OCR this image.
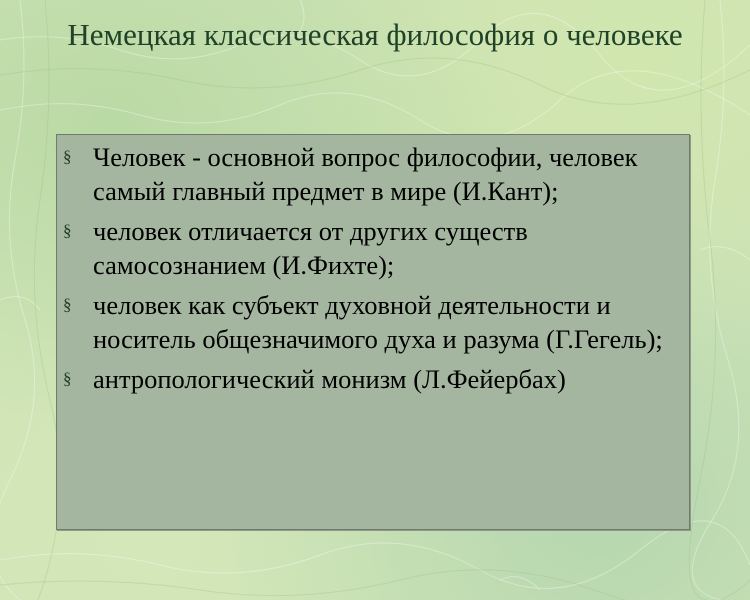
Немецкая классическая философия о человеке
§ Человек - основной вопрос философии, человек самый главный предмет в мире (И.Кант);
§ человек отличается от других существ самосознанием (И.Фихте);
§ человек как субъект духовной деятельности и носитель общезначимого духа и разума (Г.Гегель);
§ антропологический монизм (Л.Фейербах)
